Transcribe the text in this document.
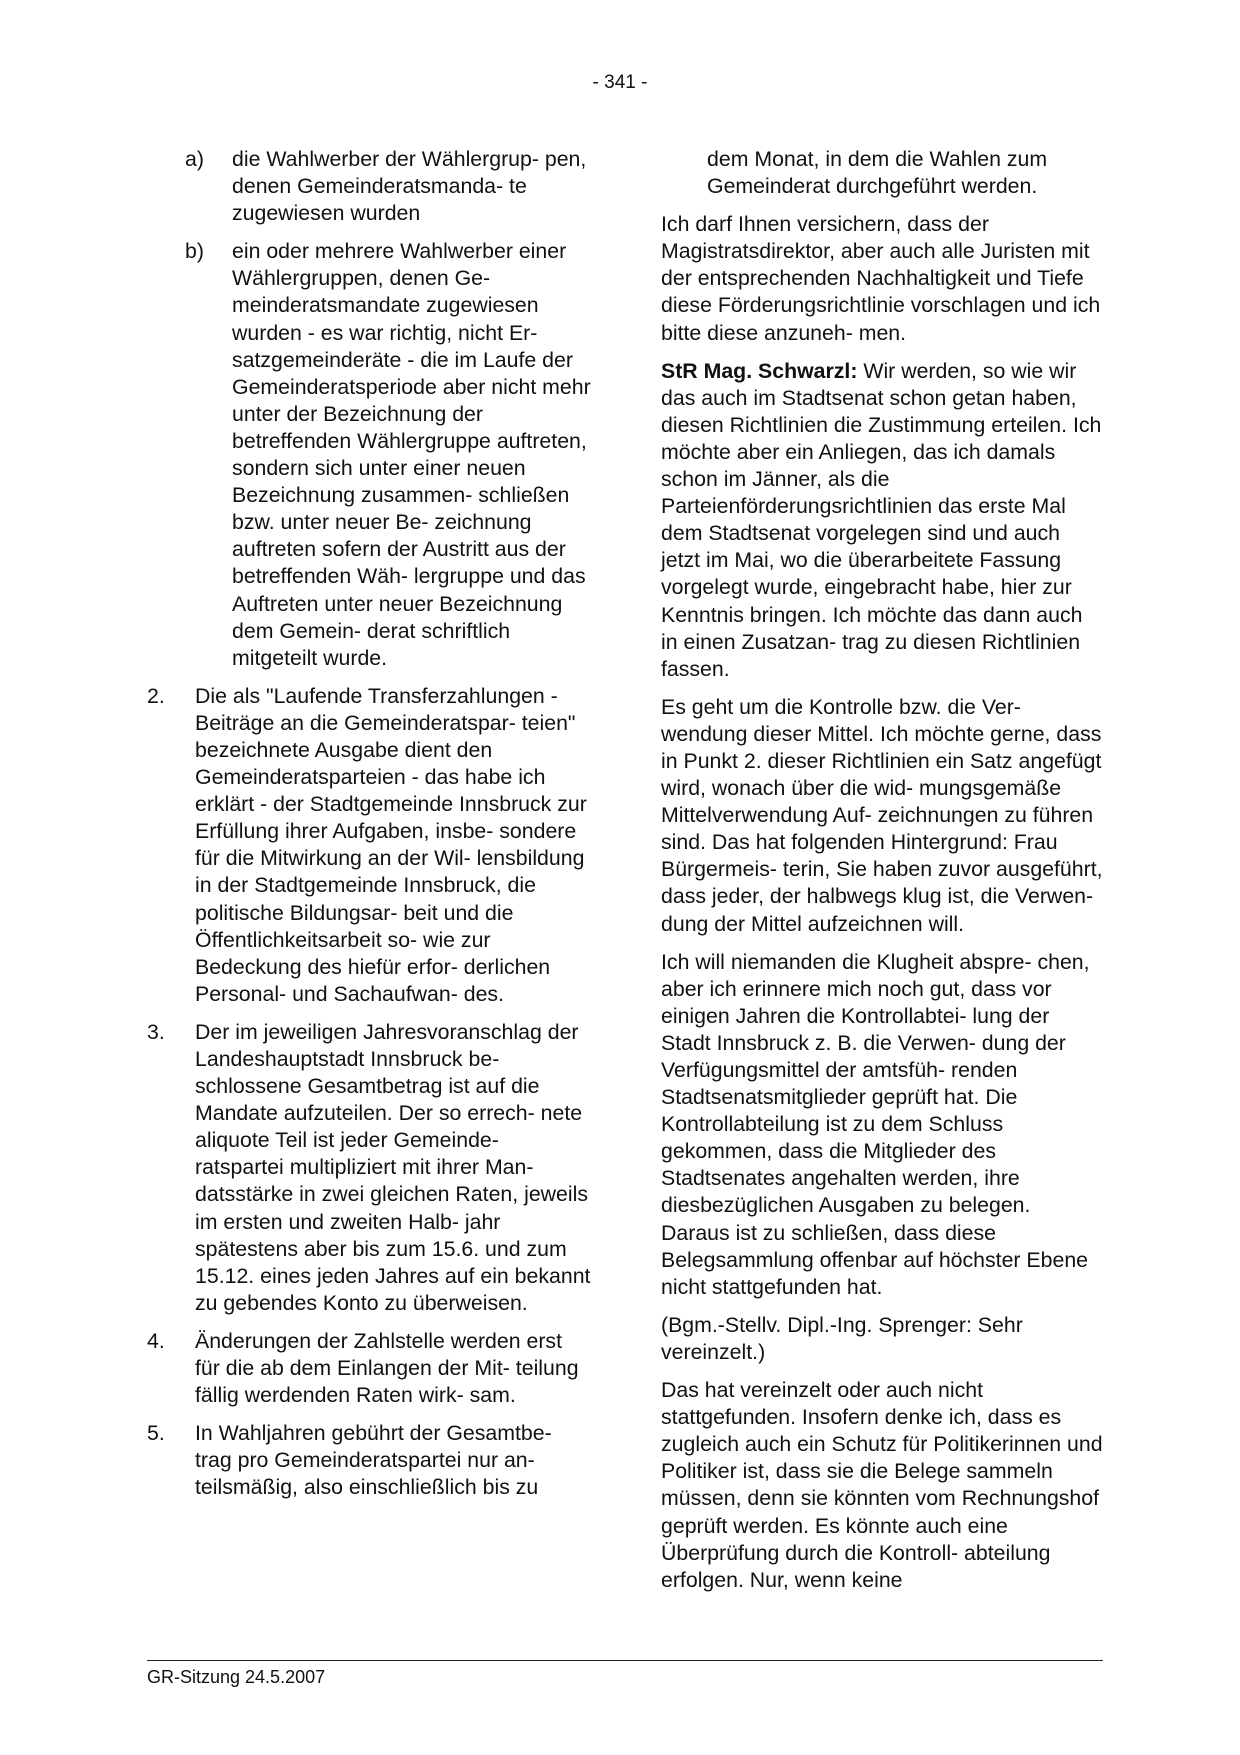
- 341 -
a) die Wahlwerber der Wählergrup- pen, denen Gemeinderatsmanda- te zugewiesen wurden
b) ein oder mehrere Wahlwerber einer Wählergruppen, denen Ge- meinderatsmandate zugewiesen wurden - es war richtig, nicht Er- satzgemeinderäte - die im Laufe der Gemeinderatsperiode aber nicht mehr unter der Bezeichnung der betreffenden Wählergruppe auftreten, sondern sich unter einer neuen Bezeichnung zusammen- schließen bzw. unter neuer Be- zeichnung auftreten sofern der Austritt aus der betreffenden Wäh- lergruppe und das Auftreten unter neuer Bezeichnung dem Gemein- derat schriftlich mitgeteilt wurde.
2. Die als "Laufende Transferzahlungen - Beiträge an die Gemeinderatspar- teien" bezeichnete Ausgabe dient den Gemeinderatsparteien - das habe ich erklärt - der Stadtgemeinde Innsbruck zur Erfüllung ihrer Aufgaben, insbe- sondere für die Mitwirkung an der Wil- lensbildung in der Stadtgemeinde Innsbruck, die politische Bildungsar- beit und die Öffentlichkeitsarbeit so- wie zur Bedeckung des hiefür erfor- derlichen Personal- und Sachaufwan- des.
3. Der im jeweiligen Jahresvoranschlag der Landeshauptstadt Innsbruck be- schlossene Gesamtbetrag ist auf die Mandate aufzuteilen. Der so errech- nete aliquote Teil ist jeder Gemeinde- ratspartei multipliziert mit ihrer Man- datsstärke in zwei gleichen Raten, jeweils im ersten und zweiten Halb- jahr spätestens aber bis zum 15.6. und zum 15.12. eines jeden Jahres auf ein bekannt zu gebendes Konto zu überweisen.
4. Änderungen der Zahlstelle werden erst für die ab dem Einlangen der Mit- teilung fällig werdenden Raten wirk- sam.
5. In Wahljahren gebührt der Gesamtbe- trag pro Gemeinderatspartei nur an- teilsmäßig, also einschließlich bis zu

dem Monat, in dem die Wahlen zum Gemeinderat durchgeführt werden.

Ich darf Ihnen versichern, dass der Magistratsdirektor, aber auch alle Juristen mit der entsprechenden Nachhaltigkeit und Tiefe diese Förderungsrichtlinie vorschlagen und ich bitte diese anzuneh- men.

StR Mag. Schwarzl: Wir werden, so wie wir das auch im Stadtsenat schon getan haben, diesen Richtlinien die Zustimmung erteilen. Ich möchte aber ein Anliegen, das ich damals schon im Jänner, als die Parteienförderungsrichtlinien das erste Mal dem Stadtsenat vorgelegen sind und auch jetzt im Mai, wo die überarbeitete Fassung vorgelegt wurde, eingebracht habe, hier zur Kenntnis bringen. Ich möchte das dann auch in einen Zusatzan- trag zu diesen Richtlinien fassen.

Es geht um die Kontrolle bzw. die Ver- wendung dieser Mittel. Ich möchte gerne, dass in Punkt 2. dieser Richtlinien ein Satz angefügt wird, wonach über die wid- mungsgemäße Mittelverwendung Auf- zeichnungen zu führen sind. Das hat folgenden Hintergrund: Frau Bürgermeis- terin, Sie haben zuvor ausgeführt, dass jeder, der halbwegs klug ist, die Verwen- dung der Mittel aufzeichnen will.

Ich will niemanden die Klugheit abspre- chen, aber ich erinnere mich noch gut, dass vor einigen Jahren die Kontrollabtei- lung der Stadt Innsbruck z. B. die Verwen- dung der Verfügungsmittel der amtsfüh- renden Stadtsenatsmitglieder geprüft hat. Die Kontrollabteilung ist zu dem Schluss gekommen, dass die Mitglieder des Stadtsenates angehalten werden, ihre diesbezüglichen Ausgaben zu belegen. Daraus ist zu schließen, dass diese Belegsammlung offenbar auf höchster Ebene nicht stattgefunden hat.

(Bgm.-Stellv. Dipl.-Ing. Sprenger: Sehr vereinzelt.)

Das hat vereinzelt oder auch nicht stattgefunden. Insofern denke ich, dass es zugleich auch ein Schutz für Politikerinnen und Politiker ist, dass sie die Belege sammeln müssen, denn sie könnten vom Rechnungshof geprüft werden. Es könnte auch eine Überprüfung durch die Kontroll- abteilung erfolgen. Nur, wenn keine

GR-Sitzung 24.5.2007
